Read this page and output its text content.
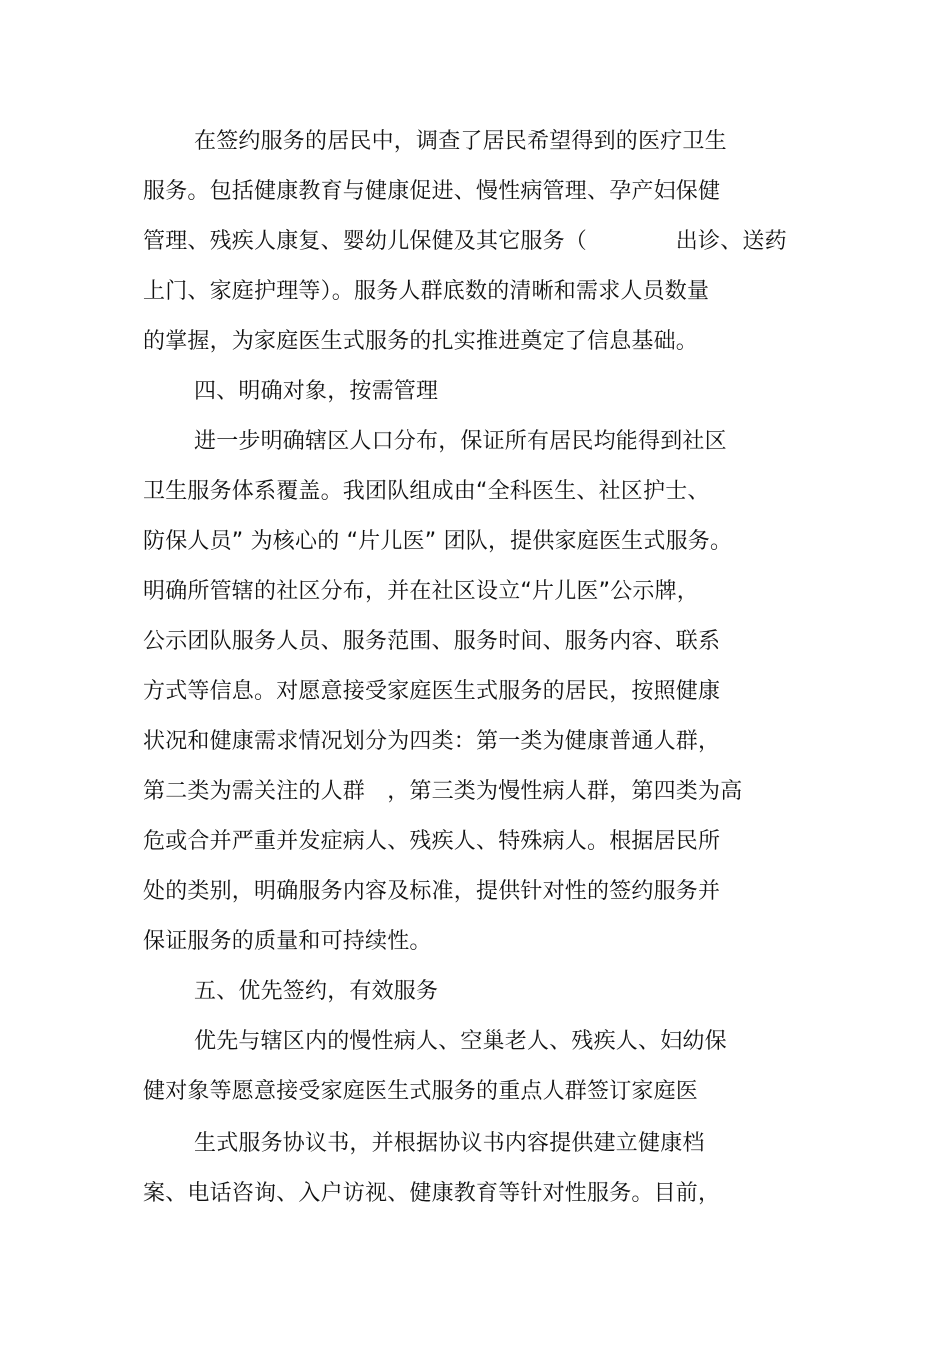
在签约服务的居民中，调查了居民希望得到的医疗卫生
服务。包括健康教育与健康促进、慢性病管理、孕产妇保健
管理、残疾人康复、婴幼儿保健及其它服务（　　　　出诊、送药
上门、家庭护理等）。服务人群底数的清晰和需求人员数量
的掌握，为家庭医生式服务的扎实推进奠定了信息基础。
四、明确对象，按需管理
进一步明确辖区人口分布，保证所有居民均能得到社区
卫生服务体系覆盖。我团队组成由“全科医生、社区护士、
防保人员” 为核心的 “片儿医” 团队，提供家庭医生式服务。
明确所管辖的社区分布，并在社区设立“片儿医”公示牌，
公示团队服务人员、服务范围、服务时间、服务内容、联系
方式等信息。对愿意接受家庭医生式服务的居民，按照健康
状况和健康需求情况划分为四类：第一类为健康普通人群，
第二类为需关注的人群　，第三类为慢性病人群，第四类为高
危或合并严重并发症病人、残疾人、特殊病人。根据居民所
处的类别，明确服务内容及标准，提供针对性的签约服务并
保证服务的质量和可持续性。
五、优先签约，有效服务
优先与辖区内的慢性病人、空巢老人、残疾人、妇幼保
健对象等愿意接受家庭医生式服务的重点人群签订家庭医
生式服务协议书，并根据协议书内容提供建立健康档
案、电话咨询、入户访视、健康教育等针对性服务。目前，
